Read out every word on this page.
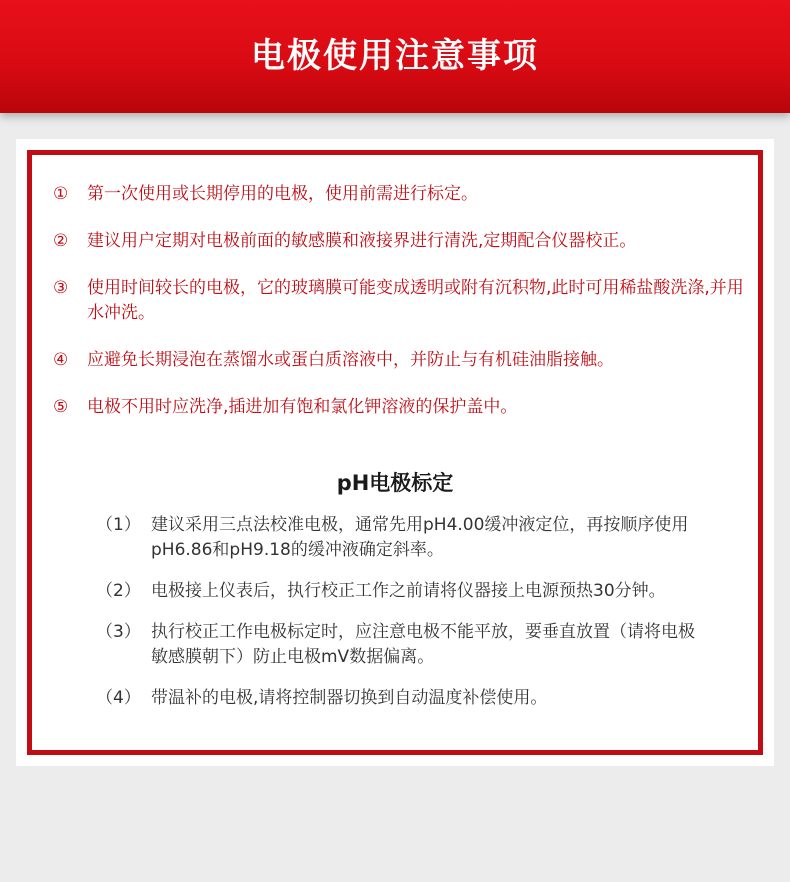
电极使用注意事项
①	第一次使用或长期停用的电极，使用前需进行标定。
②	建议用户定期对电极前面的敏感膜和液接界进行清洗,定期配合仪器校正。
③	使用时间较长的电极，它的玻璃膜可能变成透明或附有沉积物,此时可用稀盐酸洗涤,并用水冲洗。
④	应避免长期浸泡在蒸馏水或蛋白质溶液中，并防止与有机硅油脂接触。
⑤	电极不用时应洗净,插进加有饱和氯化钾溶液的保护盖中。
pH电极标定
（1） 建议采用三点法校准电极，通常先用pH4.00缓冲液定位，再按顺序使用pH6.86和pH9.18的缓冲液确定斜率。
（2） 电极接上仪表后，执行校正工作之前请将仪器接上电源预热30分钟。
（3） 执行校正工作电极标定时，应注意电极不能平放，要垂直放置（请将电极敏感膜朝下）防止电极mV数据偏离。
（4） 带温补的电极,请将控制器切换到自动温度补偿使用。
